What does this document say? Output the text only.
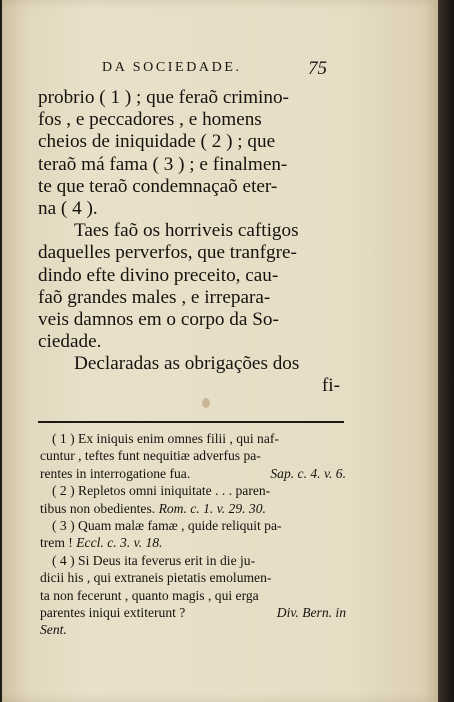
DA SOCIEDADE.	75
probrio ( 1 ) ; que feraõ crimino-
fos , e peccadores , e homens
cheios de iniquidade ( 2 ) ; que
teraõ má fama ( 3 ) ; e finalmen-
te que teraõ condemnaçaõ eter-
na ( 4 ).
Taes faõ os horriveis caftigos
daquelles perverfos, que tranfgre-
dindo efte divino preceito, cau-
faõ grandes males , e irrepara-
veis damnos em o corpo da So-
ciedade.
Declaradas as obrigações dos
fi-
( 1 ) Ex iniquis enim omnes filii , qui naf-
cuntur , teftes funt nequitiæ adverfus pa-
rentes in interrogatione fua.	Sap. c. 4. v. 6.
( 2 ) Repletos omni iniquitate . . . paren-
tibus non obedientes.
Rom. c. 1. v. 29. 30.
( 3 ) Quam malæ famæ , quide reliquit pa-
trem !
Eccl. c. 3. v. 18.
( 4 ) Si Deus ita feverus erit in die ju-
dicii his , qui extraneis pietatis emolumen-
ta non fecerunt , quanto magis , qui erga
parentes iniqui extiterunt ?	Div. Bern. in
Sent.
